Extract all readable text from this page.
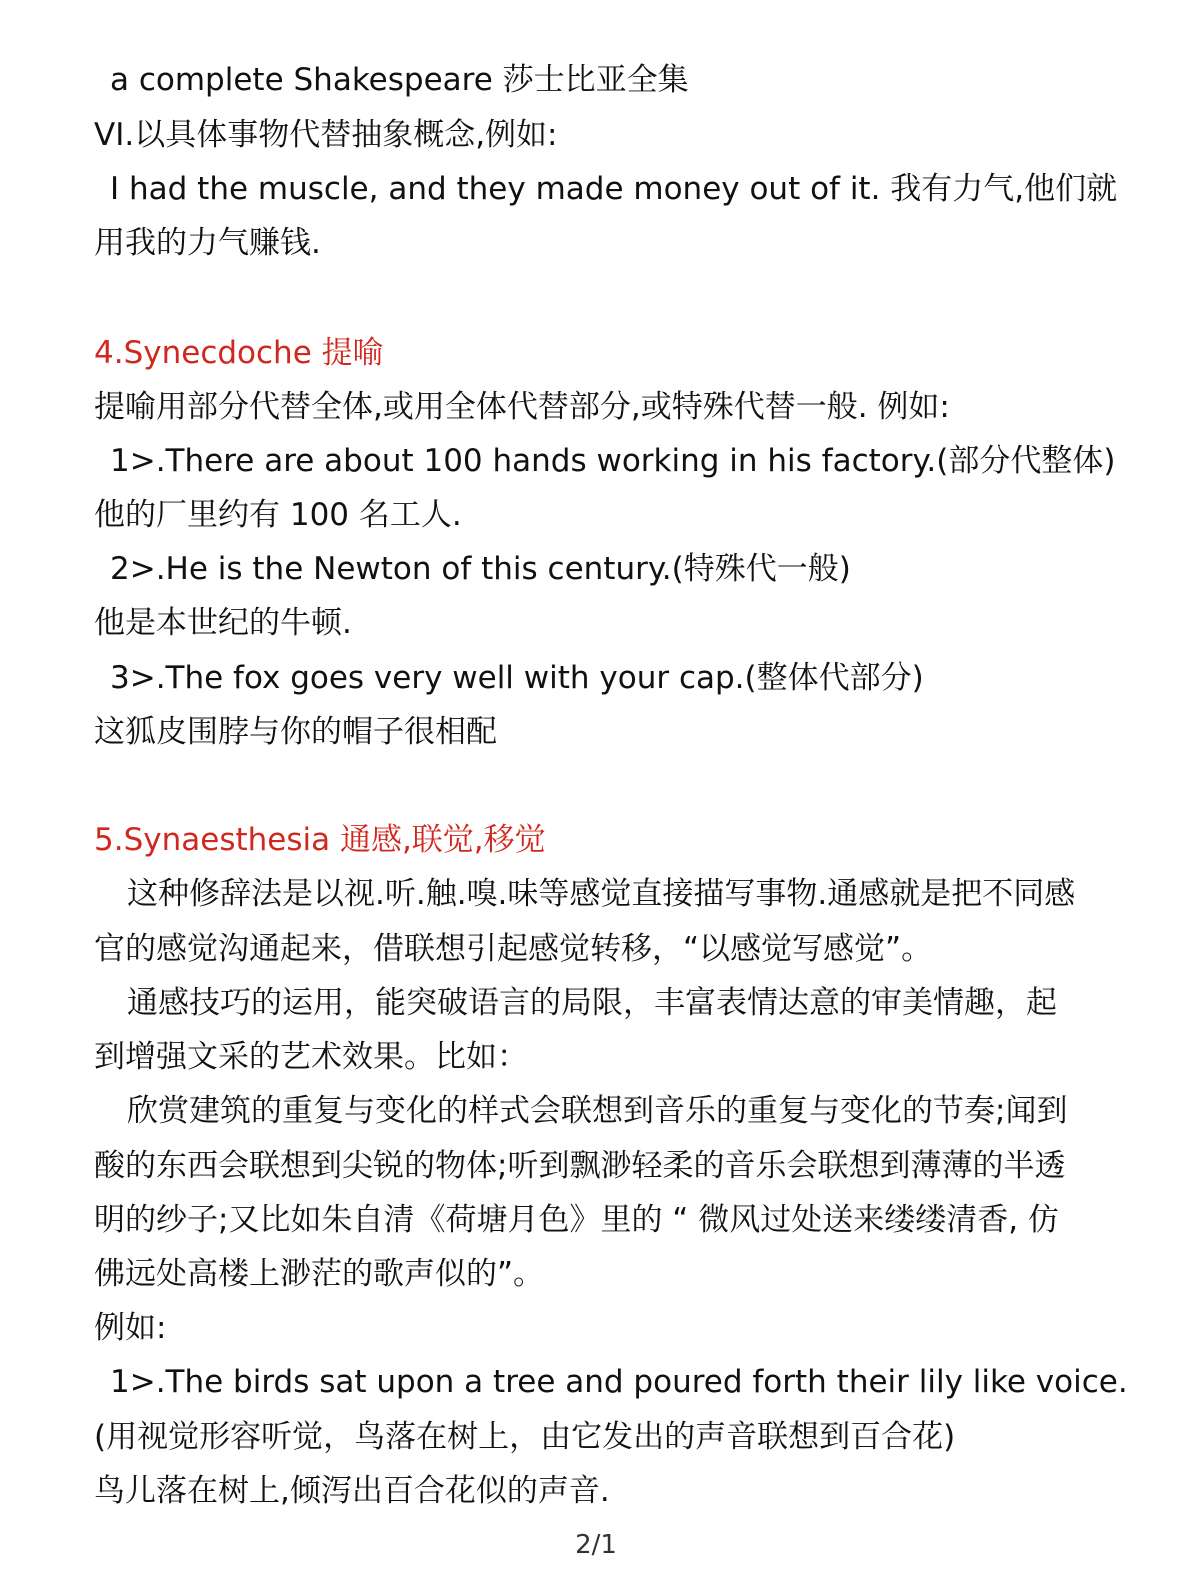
a complete Shakespeare 莎士比亚全集
VI.以具体事物代替抽象概念,例如:
I had the muscle, and they made money out of it. 我有力气,他们就
用我的力气赚钱.
4.Synecdoche 提喻
提喻用部分代替全体,或用全体代替部分,或特殊代替一般. 例如:
1>.There are about 100 hands working in his factory.(部分代整体)
他的厂里约有 100 名工人.
2>.He is the Newton of this century.(特殊代一般)
他是本世纪的牛顿.
3>.The fox goes very well with your cap.(整体代部分)
这狐皮围脖与你的帽子很相配
5.Synaesthesia 通感,联觉,移觉
这种修辞法是以视.听.触.嗅.味等感觉直接描写事物.通感就是把不同感
官的感觉沟通起来，借联想引起感觉转移，“以感觉写感觉”。
通感技巧的运用，能突破语言的局限，丰富表情达意的审美情趣，起
到增强文采的艺术效果。比如：
欣赏建筑的重复与变化的样式会联想到音乐的重复与变化的节奏;闻到
酸的东西会联想到尖锐的物体;听到飘渺轻柔的音乐会联想到薄薄的半透
明的纱子;又比如朱自清《荷塘月色》里的 “ 微风过处送来缕缕清香, 仿
佛远处高楼上渺茫的歌声似的”。
例如:
1>.The birds sat upon a tree and poured forth their lily like voice.
(用视觉形容听觉，鸟落在树上，由它发出的声音联想到百合花)
鸟儿落在树上,倾泻出百合花似的声音.
2/1
